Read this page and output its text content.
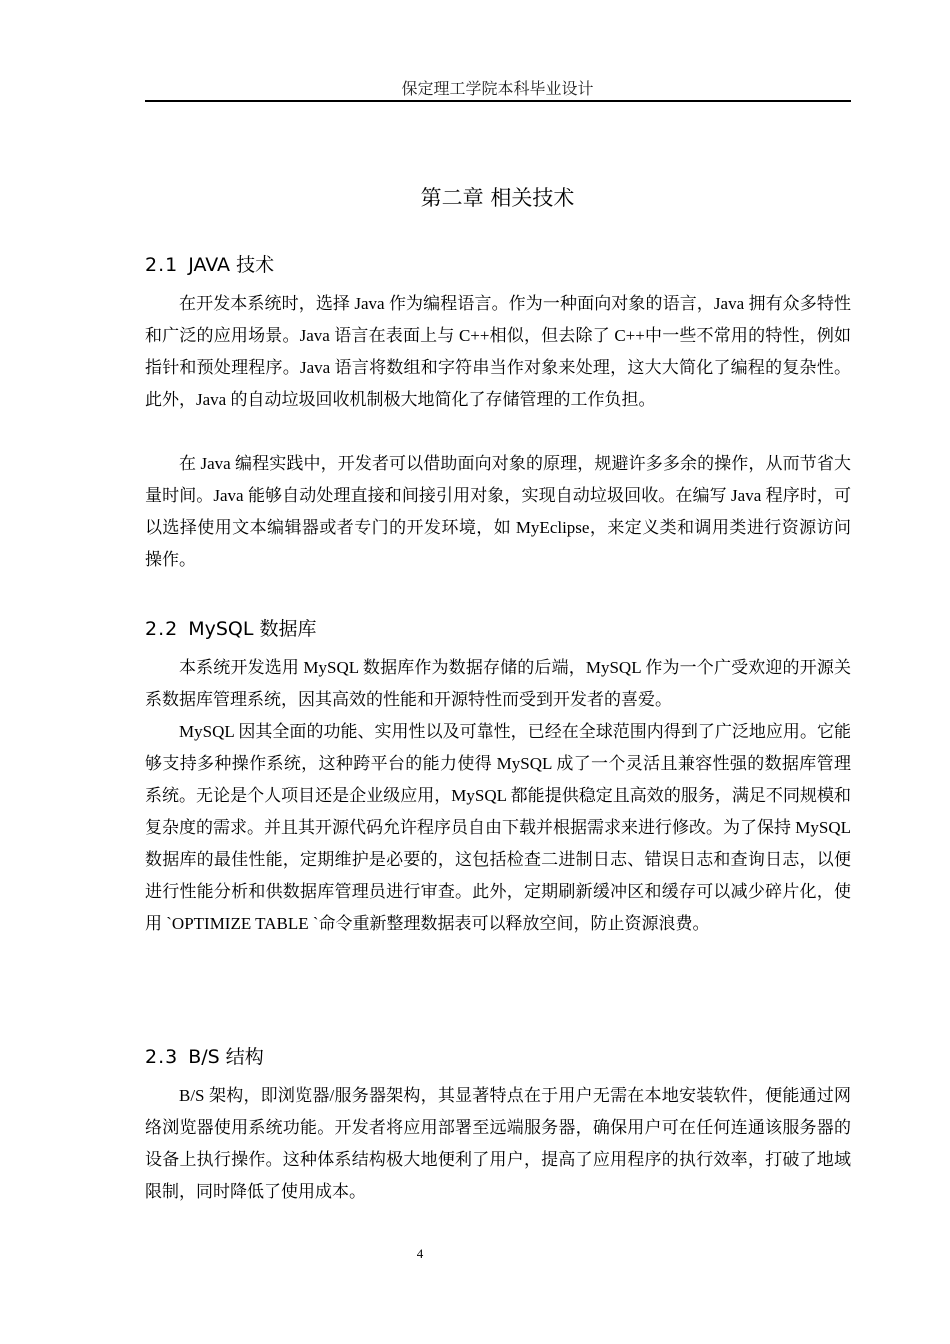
保定理工学院本科毕业设计
第二章 相关技术
2.1 JAVA 技术

在开发本系统时，选择 Java 作为编程语言。作为一种面向对象的语言，Java 拥有众多特性和广泛的应用场景。Java 语言在表面上与 C++相似，但去除了 C++中一些不常用的特性，例如指针和预处理程序。Java 语言将数组和字符串当作对象来处理，这大大简化了编程的复杂性。此外，Java 的自动垃圾回收机制极大地简化了存储管理的工作负担。

在 Java 编程实践中，开发者可以借助面向对象的原理，规避许多多余的操作，从而节省大量时间。Java 能够自动处理直接和间接引用对象，实现自动垃圾回收。在编写 Java 程序时，可以选择使用文本编辑器或者专门的开发环境，如 MyEclipse，来定义类和调用类进行资源访问操作。

2.2 MySQL 数据库

本系统开发选用 MySQL 数据库作为数据存储的后端，MySQL 作为一个广受欢迎的开源关系数据库管理系统，因其高效的性能和开源特性而受到开发者的喜爱。

MySQL 因其全面的功能、实用性以及可靠性，已经在全球范围内得到了广泛地应用。它能够支持多种操作系统，这种跨平台的能力使得 MySQL 成了一个灵活且兼容性强的数据库管理系统。无论是个人项目还是企业级应用，MySQL 都能提供稳定且高效的服务，满足不同规模和复杂度的需求。并且其开源代码允许程序员自由下载并根据需求来进行修改。为了保持 MySQL 数据库的最佳性能，定期维护是必要的，这包括检查二进制日志、错误日志和查询日志，以便进行性能分析和供数据库管理员进行审查。此外，定期刷新缓冲区和缓存可以减少碎片化，使用 `OPTIMIZE TABLE `命令重新整理数据表可以释放空间，防止资源浪费。

2.3 B/S 结构

B/S 架构，即浏览器/服务器架构，其显著特点在于用户无需在本地安装软件，便能通过网络浏览器使用系统功能。开发者将应用部署至远端服务器，确保用户可在任何连通该服务器的设备上执行操作。这种体系结构极大地便利了用户，提高了应用程序的执行效率，打破了地域限制，同时降低了使用成本。

4
